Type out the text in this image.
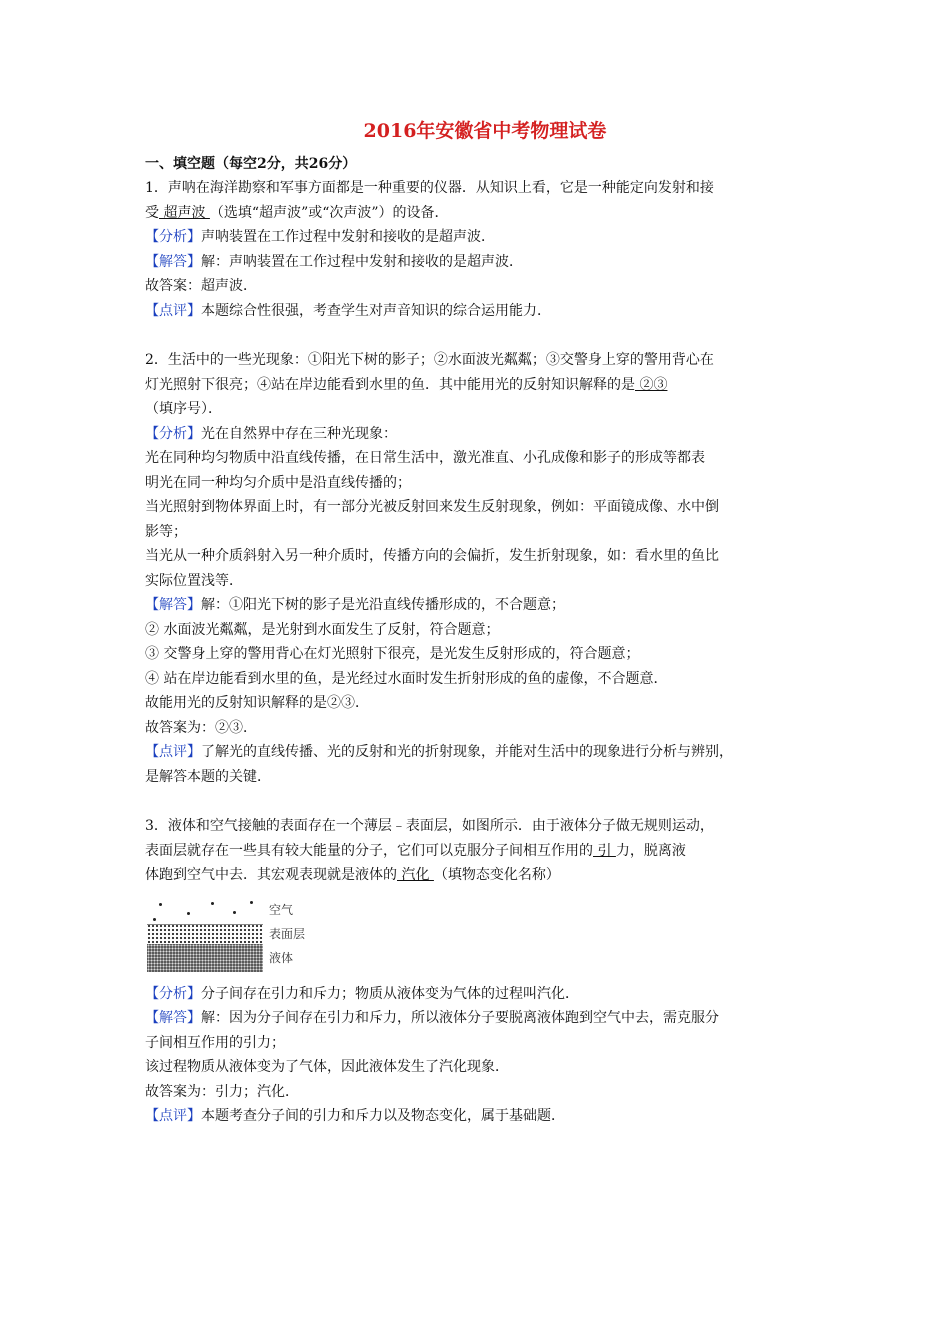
2016年安徽省中考物理试卷
一、填空题（每空2分，共26分）

1．声呐在海洋勘察和军事方面都是一种重要的仪器．从知识上看，它是一种能定向发射和接

受 超声波 （选填“超声波”或“次声波”）的设备．

【分析】声呐装置在工作过程中发射和接收的是超声波．

【解答】解：声呐装置在工作过程中发射和接收的是超声波．

故答案：超声波．

【点评】本题综合性很强，考查学生对声音知识的综合运用能力．

2．生活中的一些光现象：①阳光下树的影子；②水面波光粼粼；③交警身上穿的警用背心在

灯光照射下很亮；④站在岸边能看到水里的鱼．其中能用光的反射知识解释的是 ②③

（填序号）．

【分析】光在自然界中存在三种光现象：

光在同种均匀物质中沿直线传播，在日常生活中，激光准直、小孔成像和影子的形成等都表

明光在同一种均匀介质中是沿直线传播的；

当光照射到物体界面上时，有一部分光被反射回来发生反射现象，例如：平面镜成像、水中倒

影等；

当光从一种介质斜射入另一种介质时，传播方向的会偏折，发生折射现象，如：看水里的鱼比

实际位置浅等．

【解答】解：①阳光下树的影子是光沿直线传播形成的，不合题意；

② 水面波光粼粼，是光射到水面发生了反射，符合题意；

③ 交警身上穿的警用背心在灯光照射下很亮，是光发生反射形成的，符合题意；

④ 站在岸边能看到水里的鱼，是光经过水面时发生折射形成的鱼的虚像，不合题意．

故能用光的反射知识解释的是②③．

故答案为：②③．

【点评】了解光的直线传播、光的反射和光的折射现象，并能对生活中的现象进行分析与辨别，

是解答本题的关键．

3．液体和空气接触的表面存在一个薄层﹣表面层，如图所示．由于液体分子做无规则运动，

表面层就存在一些具有较大能量的分子，它们可以克服分子间相互作用的 引 力，脱离液

体跑到空气中去．其宏观表现就是液体的 汽化 （填物态变化名称）

空气
表面层
液体

【分析】分子间存在引力和斥力；物质从液体变为气体的过程叫汽化．

【解答】解：因为分子间存在引力和斥力，所以液体分子要脱离液体跑到空气中去，需克服分

子间相互作用的引力；

该过程物质从液体变为了气体，因此液体发生了汽化现象．

故答案为：引力；汽化．

【点评】本题考查分子间的引力和斥力以及物态变化，属于基础题．
